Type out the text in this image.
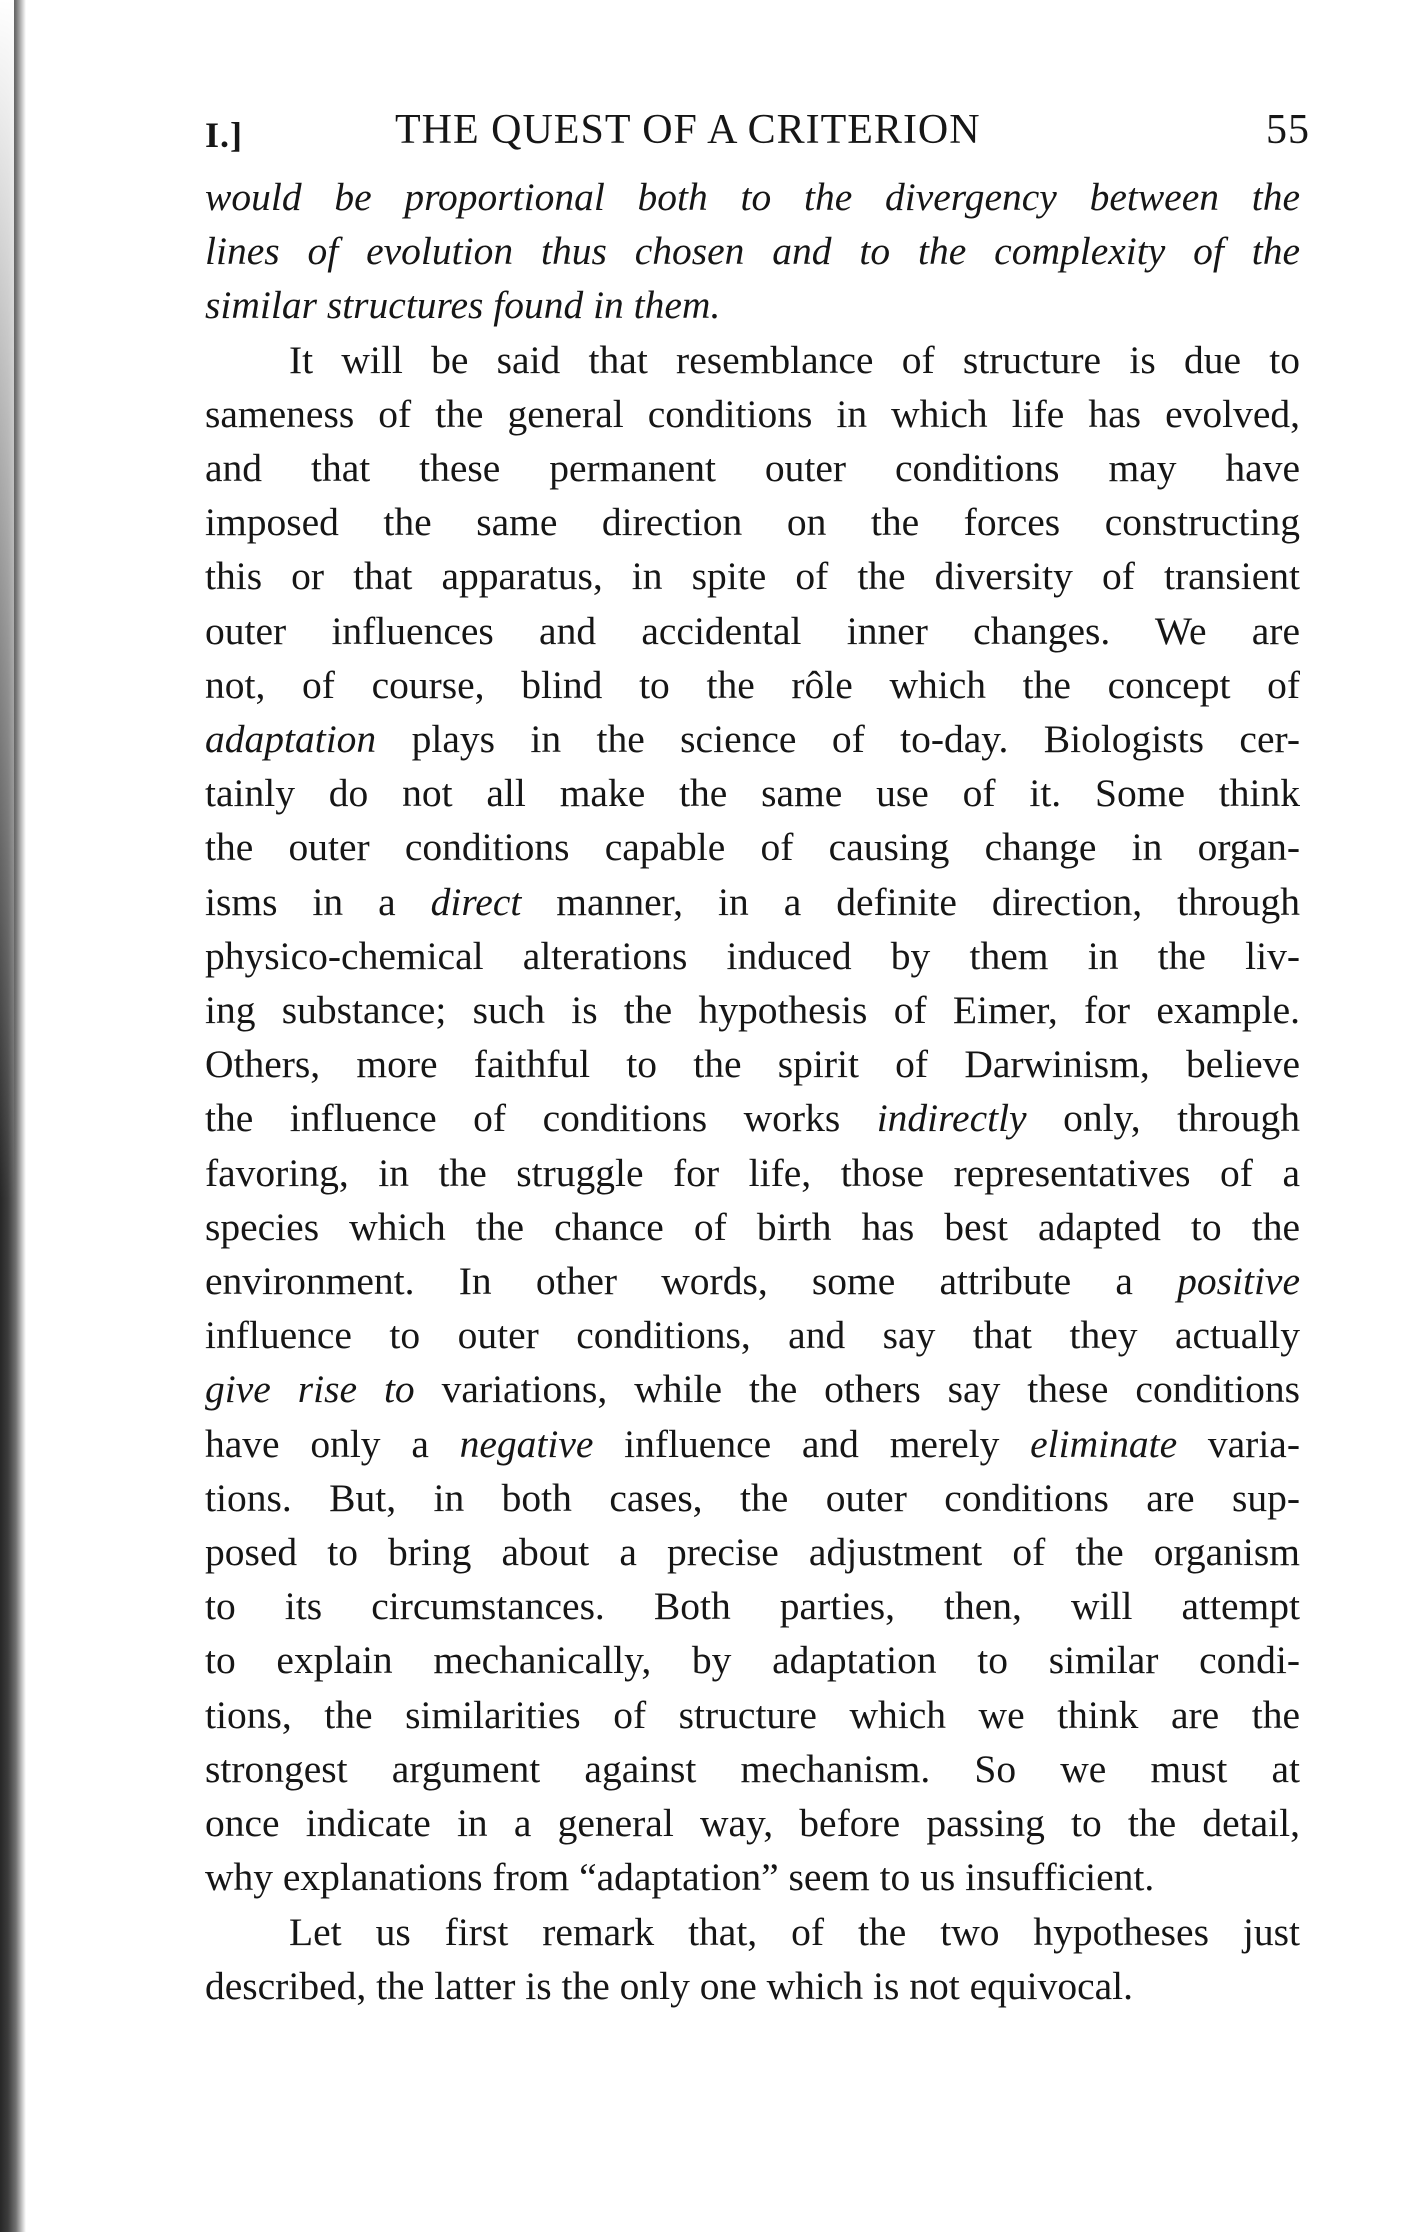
I.]	THE QUEST OF A CRITERION	55

would be proportional both to the divergency between the
lines of evolution thus chosen and to the complexity of the
similar structures found in them.

It will be said that resemblance of structure is due to
sameness of the general conditions in which life has evolved,
and that these permanent outer conditions may have
imposed the same direction on the forces constructing
this or that apparatus, in spite of the diversity of transient
outer influences and accidental inner changes. We are
not, of course, blind to the rôle which the concept of
adaptation plays in the science of to-day. Biologists cer-
tainly do not all make the same use of it. Some think
the outer conditions capable of causing change in organ-
isms in a direct manner, in a definite direction, through
physico-chemical alterations induced by them in the liv-
ing substance; such is the hypothesis of Eimer, for example.
Others, more faithful to the spirit of Darwinism, believe
the influence of conditions works indirectly only, through
favoring, in the struggle for life, those representatives of a
species which the chance of birth has best adapted to the
environment. In other words, some attribute a positive
influence to outer conditions, and say that they actually
give rise to variations, while the others say these conditions
have only a negative influence and merely eliminate varia-
tions. But, in both cases, the outer conditions are sup-
posed to bring about a precise adjustment of the organism
to its circumstances. Both parties, then, will attempt
to explain mechanically, by adaptation to similar condi-
tions, the similarities of structure which we think are the
strongest argument against mechanism. So we must at
once indicate in a general way, before passing to the detail,
why explanations from “adaptation” seem to us insufficient.

Let us first remark that, of the two hypotheses just
described, the latter is the only one which is not equivocal.
